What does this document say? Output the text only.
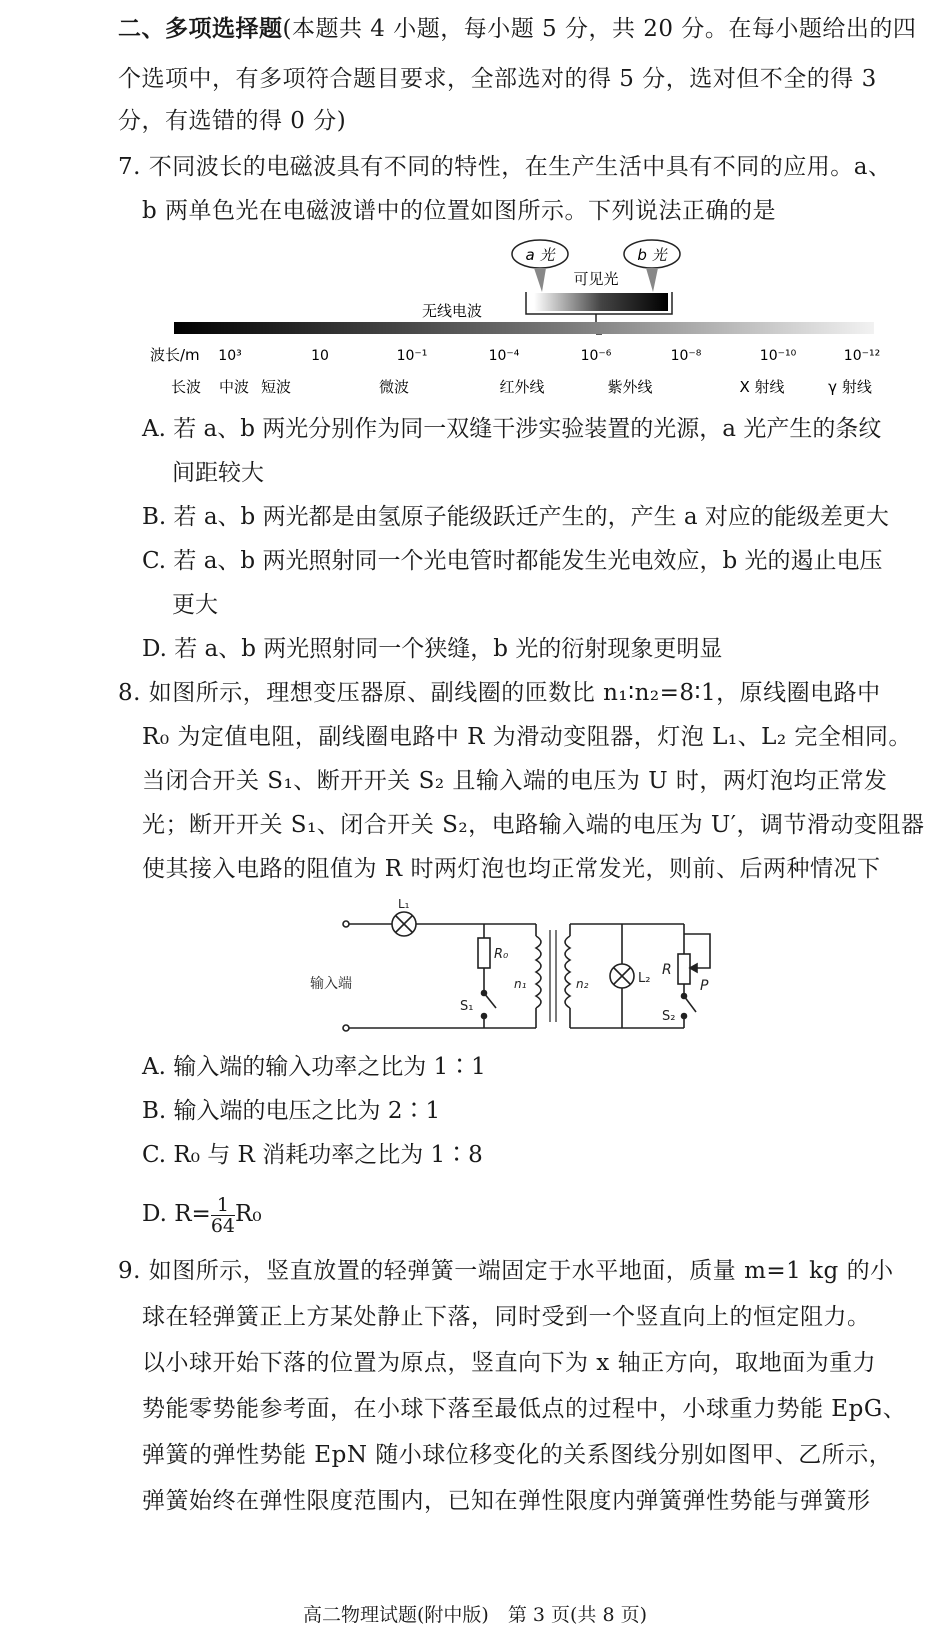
二、多项选择题(本题共 4 小题，每小题 5 分，共 20 分。在每小题给出的四
个选项中，有多项符合题目要求，全部选对的得 5 分，选对但不全的得 3
分，有选错的得 0 分)
7. 不同波长的电磁波具有不同的特性，在生产生活中具有不同的应用。a、
b 两单色光在电磁波谱中的位置如图所示。下列说法正确的是
a 光	b 光
可见光
无线电波
波长/m 10³	10	10⁻¹	10⁻⁴	10⁻⁶	10⁻⁸	10⁻¹⁰	10⁻¹²
长波 中波 短波	微波	红外线	紫外线	X 射线	γ 射线
A. 若 a、b 两光分别作为同一双缝干涉实验装置的光源，a 光产生的条纹
间距较大
B. 若 a、b 两光都是由氢原子能级跃迁产生的，产生 a 对应的能级差更大
C. 若 a、b 两光照射同一个光电管时都能发生光电效应，b 光的遏止电压
更大
D. 若 a、b 两光照射同一个狭缝，b 光的衍射现象更明显
8. 如图所示，理想变压器原、副线圈的匝数比 n₁∶n₂=8∶1，原线圈电路中
R₀ 为定值电阻，副线圈电路中 R 为滑动变阻器，灯泡 L₁、L₂ 完全相同。
当闭合开关 S₁、断开开关 S₂ 且输入端的电压为 U 时，两灯泡均正常发
光；断开开关 S₁、闭合开关 S₂，电路输入端的电压为 U′，调节滑动变阻器
使其接入电路的阻值为 R 时两灯泡也均正常发光，则前、后两种情况下
输入端
L₁
R₀
S₁
n₁	n₂	L₂
R
P
S₂
A. 输入端的输入功率之比为 1∶1
B. 输入端的电压之比为 2∶1
C. R₀ 与 R 消耗功率之比为 1∶8
D. $R= \frac{1}{64} R_0$
9. 如图所示，竖直放置的轻弹簧一端固定于水平地面，质量 m=1 kg 的小
球在轻弹簧正上方某处静止下落，同时受到一个竖直向上的恒定阻力。
以小球开始下落的位置为原点，竖直向下为 x 轴正方向，取地面为重力
势能零势能参考面，在小球下落至最低点的过程中，小球重力势能 EpG、
弹簧的弹性势能 EpN 随小球位移变化的关系图线分别如图甲、乙所示，
弹簧始终在弹性限度范围内，已知在弹性限度内弹簧弹性势能与弹簧形
高二物理试题(附中版)　第 3 页(共 8 页)
